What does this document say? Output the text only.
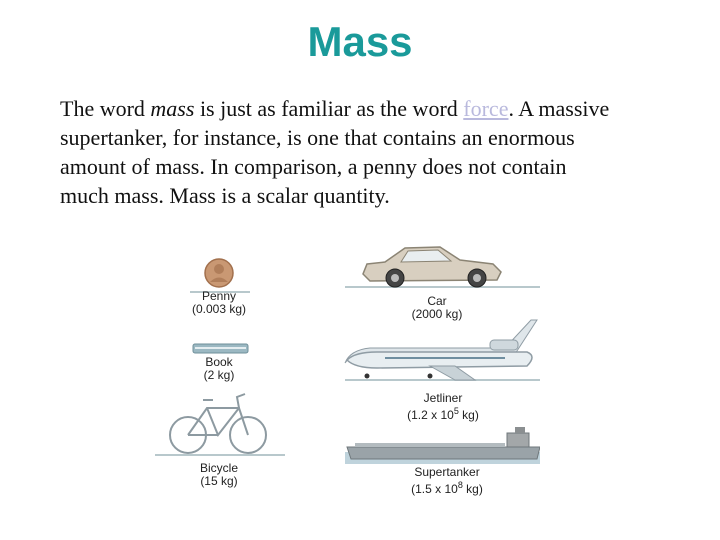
Mass
The word mass is just as familiar as the word force. A massive supertanker, for instance, is one that contains an enormous amount of mass. In comparison, a penny does not contain much mass. Mass is a scalar quantity.
Penny
(0.003 kg)
Book
(2 kg)
Bicycle
(15 kg)
Car
(2000 kg)
Jetliner
(1.2 x $10^5$ kg)
Supertanker
(1.5 x $10^8$ kg)
